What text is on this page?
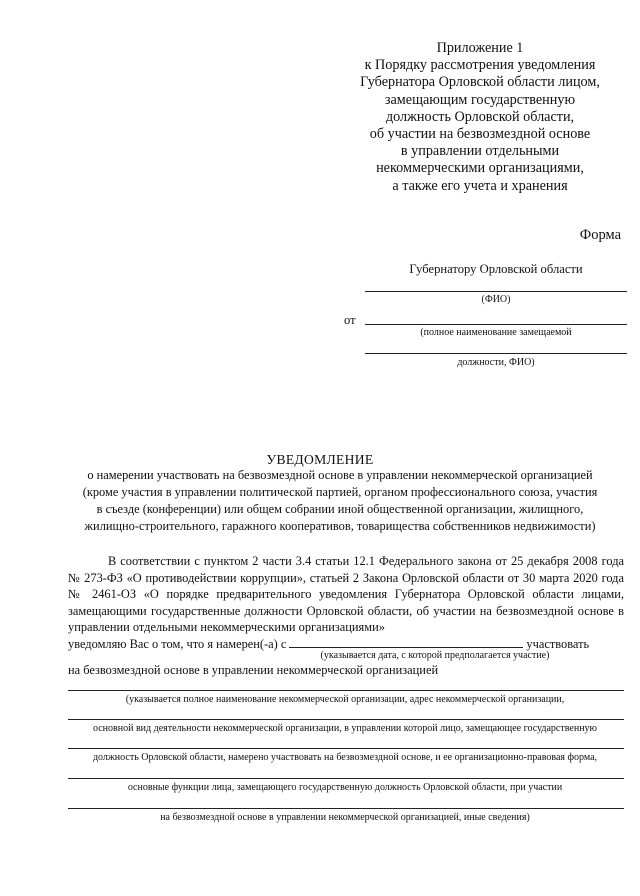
Приложение 1
к Порядку рассмотрения уведомления
Губернатора Орловской области лицом,
замещающим государственную
должность Орловской области,
об участии на безвозмездной основе
в управлении отдельными
некоммерческими организациями,
а также его учета и хранения
Форма
Губернатору Орловской области
(ФИО)
от
(полное наименование замещаемой
должности, ФИО)
УВЕДОМЛЕНИЕ
о намерении участвовать на безвозмездной основе в управлении некоммерческой организацией
(кроме участия в управлении политической партией, органом профессионального союза, участия
в съезде (конференции) или общем собрании иной общественной организации, жилищного,
жилищно-строительного, гаражного кооперативов, товарищества собственников недвижимости)
В соответствии с пунктом 2 части 3.4 статьи 12.1 Федерального закона от 25 декабря 2008 года № 273-ФЗ «О противодействии коррупции», статьей 2 Закона Орловской области от 30 марта 2020 года № 2461-ОЗ «О порядке предварительного уведомления Губернатора Орловской области лицами, замещающими государственные должности Орловской области, об участии на безвозмездной основе в управлении отдельными некоммерческими организациями»
уведомляю Вас о том, что я намерен(-а) с	участвовать
(указывается дата, с которой предполагается участие)
на безвозмездной основе в управлении некоммерческой организацией
(указывается полное наименование некоммерческой организации, адрес некоммерческой организации,
основной вид деятельности некоммерческой организации, в управлении которой лицо, замещающее государственную
должность Орловской области, намерено участвовать на безвозмездной основе, и ее организационно-правовая форма,
основные функции лица, замещающего государственную должность Орловской области, при участии
на безвозмездной основе в управлении некоммерческой организацией, иные сведения)
